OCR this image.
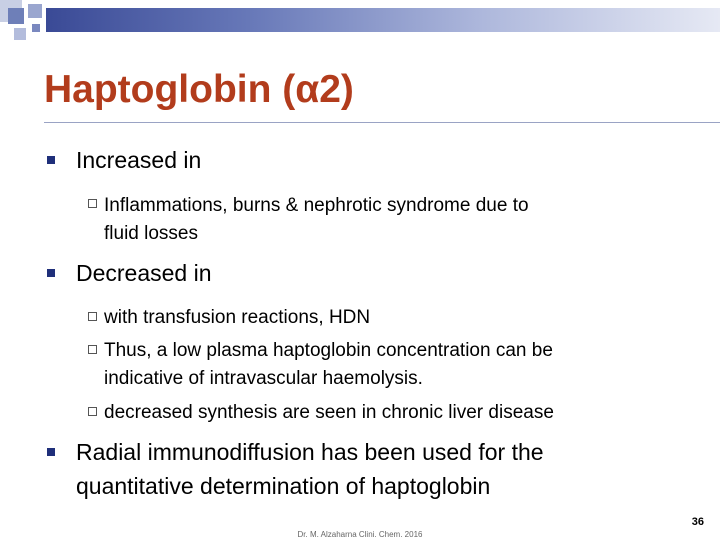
Haptoglobin (α2)
Increased in
Inflammations, burns & nephrotic syndrome due to
fluid losses
Decreased in
with transfusion reactions, HDN
Thus, a low plasma haptoglobin concentration can be
indicative of intravascular haemolysis.
decreased synthesis are seen in chronic liver disease
Radial immunodiffusion has been used for the
quantitative determination of haptoglobin
36
Dr. M. Alzaharna Clini. Chem. 2016
